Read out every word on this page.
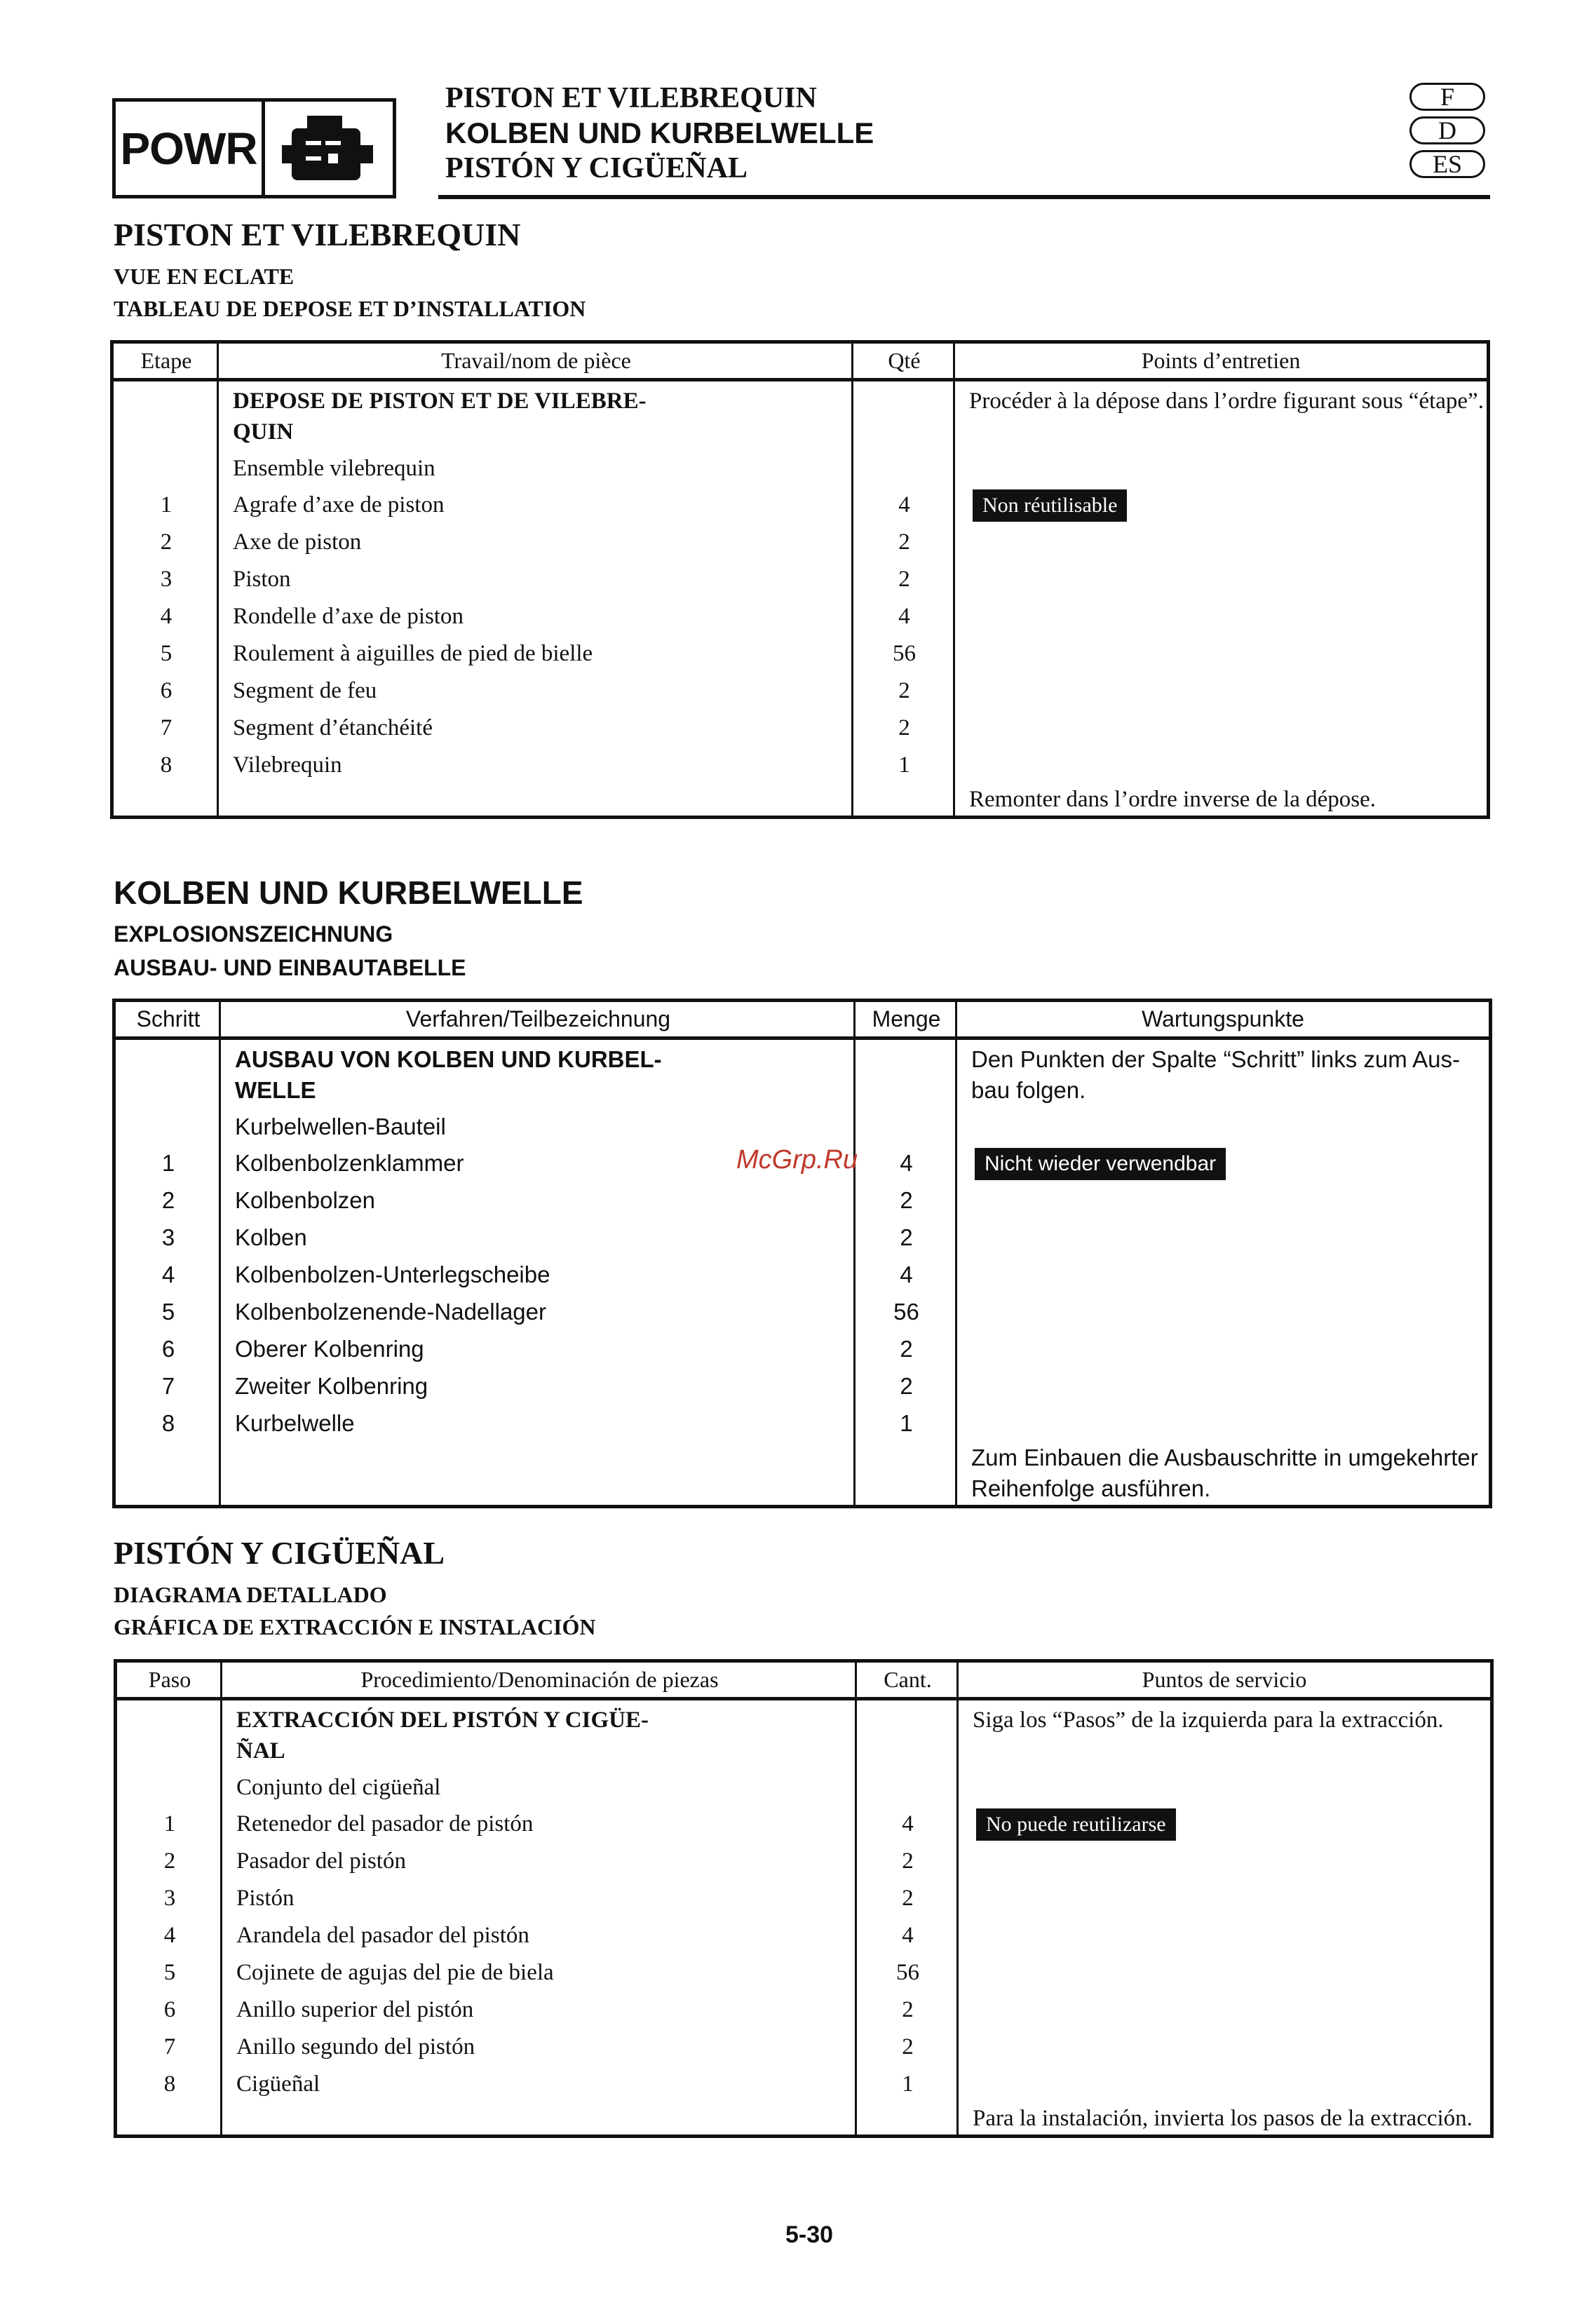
POWR
PISTON ET VILEBREQUIN
KOLBEN UND KURBELWELLE
PISTÓN Y CIGÜEÑAL
F
D
ES
PISTON ET VILEBREQUIN
VUE EN ECLATE
TABLEAU DE DEPOSE ET D’INSTALLATION
Etape	Travail/nom de pièce	Qté	Points d’entretien
DEPOSE DE PISTON ET DE VILEBRE-
QUIN
Ensemble vilebrequin
Procéder à la dépose dans l’ordre figurant sous “étape”.
Non réutilisable
1	Agrafe d’axe de piston	4
2	Axe de piston	2
3	Piston	2
4	Rondelle d’axe de piston	4
5	Roulement à aiguilles de pied de bielle	56
6	Segment de feu	2
7	Segment d’étanchéité	2
8	Vilebrequin	1
Remonter dans l’ordre inverse de la dépose.
KOLBEN UND KURBELWELLE
EXPLOSIONSZEICHNUNG
AUSBAU- UND EINBAUTABELLE
Schritt	Verfahren/Teilbezeichnung	Menge	Wartungspunkte
AUSBAU VON KOLBEN UND KURBEL-
WELLE
Kurbelwellen-Bauteil
Den Punkten der Spalte “Schritt” links zum Aus-
bau folgen.
Nicht wieder verwendbar
1	Kolbenbolzenklammer	4
2	Kolbenbolzen	2
3	Kolben	2
4	Kolbenbolzen-Unterlegscheibe	4
5	Kolbenbolzenende-Nadellager	56
6	Oberer Kolbenring	2
7	Zweiter Kolbenring	2
8	Kurbelwelle	1
Zum Einbauen die Ausbauschritte in umgekehrter
Reihenfolge ausführen.
PISTÓN Y CIGÜEÑAL
DIAGRAMA DETALLADO
GRÁFICA DE EXTRACCIÓN E INSTALACIÓN
Paso	Procedimiento/Denominación de piezas	Cant.	Puntos de servicio
EXTRACCIÓN DEL PISTÓN Y CIGÜE-
ÑAL
Conjunto del cigüeñal
Siga los “Pasos” de la izquierda para la extracción.
No puede reutilizarse
1	Retenedor del pasador de pistón	4
2	Pasador del pistón	2
3	Pistón	2
4	Arandela del pasador del pistón	4
5	Cojinete de agujas del pie de biela	56
6	Anillo superior del pistón	2
7	Anillo segundo del pistón	2
8	Cigüeñal	1
Para la instalación, invierta los pasos de la extracción.
McGrp.Ru
5-30
